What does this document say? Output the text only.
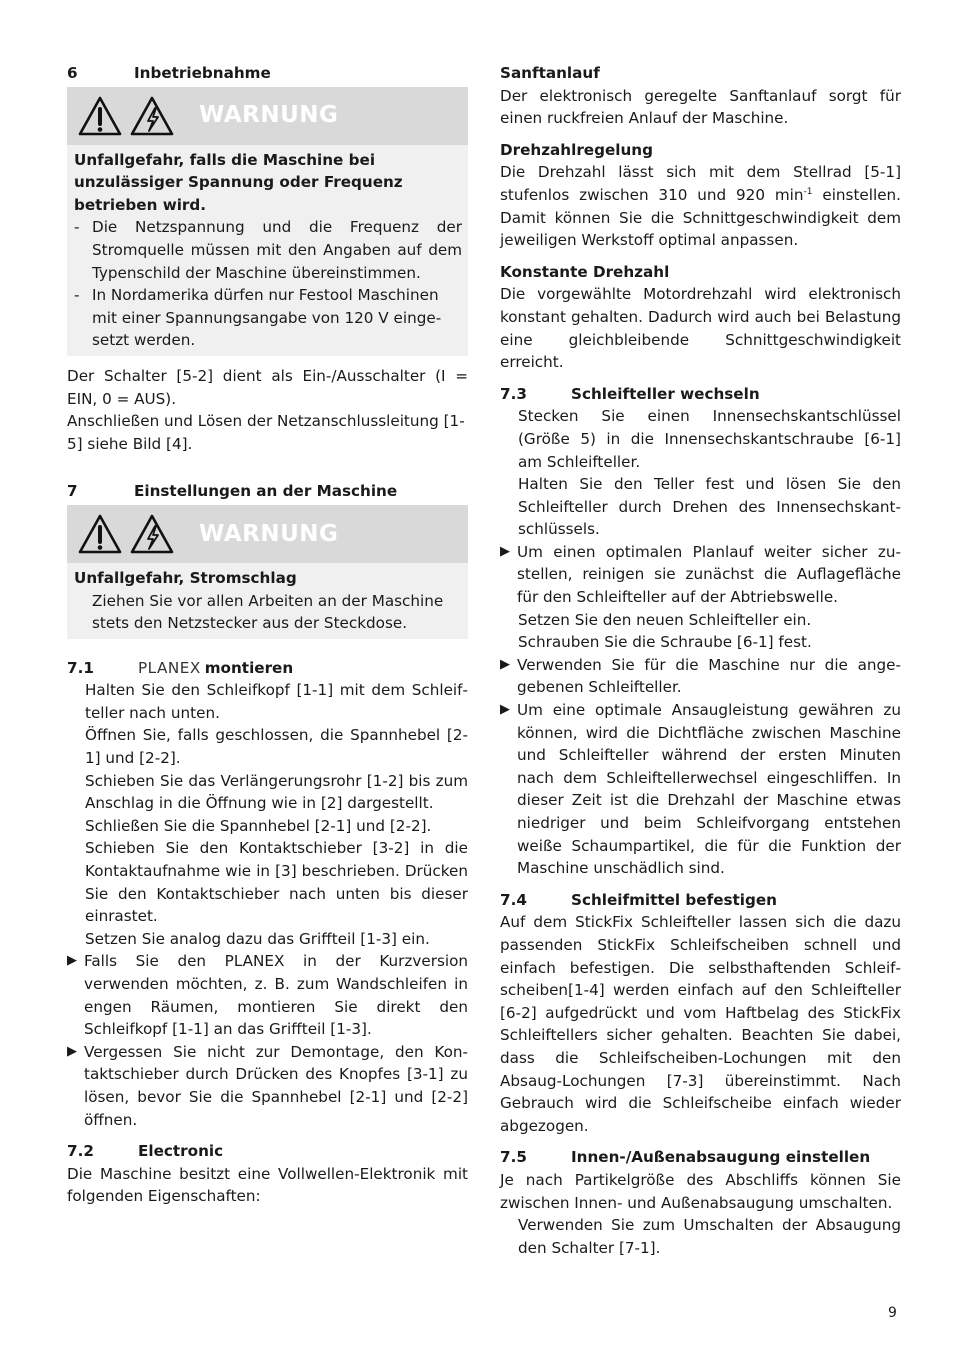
6	Inbetriebnahme
WARNUNG

Unfallgefahr, falls die Maschine bei unzulässiger Spannung oder Frequenz betrieben wird.

- Die Netzspannung und die Frequenz der Stromquelle müssen mit den Angaben auf dem Typenschild der Maschine übereinstimmen.
- In Nordamerika dürfen nur Festool Maschinen mit einer Spannungsangabe von 120 V eingesetzt werden.

Der Schalter [5-2] dient als Ein-/Ausschalter (I = EIN, 0 = AUS).

Anschließen und Lösen der Netzanschlussleitung [1-5] siehe Bild [4].

7	Einstellungen an der Maschine
WARNUNG

Unfallgefahr, Stromschlag

Ziehen Sie vor allen Arbeiten an der Maschine stets den Netzstecker aus der Steckdose.

7.1	PLANEX montieren

Halten Sie den Schleifkopf [1-1] mit dem Schleifteller nach unten.

Öffnen Sie, falls geschlossen, die Spannhebel [2-1] und [2-2].

Schieben Sie das Verlängerungsrohr [1-2] bis zum Anschlag in die Öffnung wie in [2] dargestellt.

Schließen Sie die Spannhebel [2-1] und [2-2].

Schieben Sie den Kontaktschieber [3-2] in die Kontaktaufnahme wie in [3] beschrieben. Drücken Sie den Kontaktschieber nach unten bis dieser einrastet.

Setzen Sie analog dazu das Griffteil [1-3] ein.

▶ Falls Sie den PLANEX in der Kurzversion verwenden möchten, z. B. zum Wandschleifen in engen Räumen, montieren Sie direkt den Schleifkopf [1-1] an das Griffteil [1-3].
▶ Vergessen Sie nicht zur Demontage, den Kontaktschieber durch Drücken des Knopfes [3-1] zu lösen, bevor Sie die Spannhebel [2-1] und [2-2] öffnen.
7.2	Electronic

Die Maschine besitzt eine Vollwellen-Elektronik mit folgenden Eigenschaften:

Sanftanlauf

Der elektronisch geregelte Sanftanlauf sorgt für einen ruckfreien Anlauf der Maschine.

Drehzahlregelung

Die Drehzahl lässt sich mit dem Stellrad [5-1] stufenlos zwischen 310 und 920 $\min^{-1}$ einstellen. Damit können Sie die Schnittgeschwindigkeit dem jeweiligen Werkstoff optimal anpassen.

Konstante Drehzahl

Die vorgewählte Motordrehzahl wird elektronisch konstant gehalten. Dadurch wird auch bei Belastung eine gleichbleibende Schnittgeschwindigkeit erreicht.

7.3	Schleifteller wechseln

Stecken Sie einen Innensechskantschlüssel (Größe 5) in die Innensechskantschraube [6-1] am Schleifteller.

Halten Sie den Teller fest und lösen Sie den Schleifteller durch Drehen des Innensechskantschlüssels.

▶ Um einen optimalen Planlauf weiter sicher zustellen, reinigen sie zunächst die Auflagefläche für den Schleifteller auf der Abtriebswelle.

Setzen Sie den neuen Schleifteller ein.

Schrauben Sie die Schraube [6-1] fest.

▶ Verwenden Sie für die Maschine nur die angegebenen Schleifteller.
▶ Um eine optimale Ansaugleistung gewähren zu können, wird die Dichtfläche zwischen Maschine und Schleifteller während der ersten Minuten nach dem Schleiftellerwechsel eingeschliffen. In dieser Zeit ist die Drehzahl der Maschine etwas niedriger und beim Schleifvorgang entstehen weiße Schaumpartikel, die für die Funktion der Maschine unschädlich sind.
7.4	Schleifmittel befestigen

Auf dem StickFix Schleifteller lassen sich die dazu passenden StickFix Schleifscheiben schnell und einfach befestigen. Die selbsthaftenden Schleifscheiben[1-4] werden einfach auf den Schleifteller [6-2] aufgedrückt und vom Haftbelag des StickFix Schleiftellers sicher gehalten. Beachten Sie dabei, dass die Schleifscheiben-Lochungen mit den Absaug-Lochungen [7-3] übereinstimmt. Nach Gebrauch wird die Schleifscheibe einfach wieder abgezogen.

7.5	Innen-/Außenabsaugung einstellen

Je nach Partikelgröße des Abschliffs können Sie zwischen Innen- und Außenabsaugung umschalten.

Verwenden Sie zum Umschalten der Absaugung den Schalter [7-1].

9
